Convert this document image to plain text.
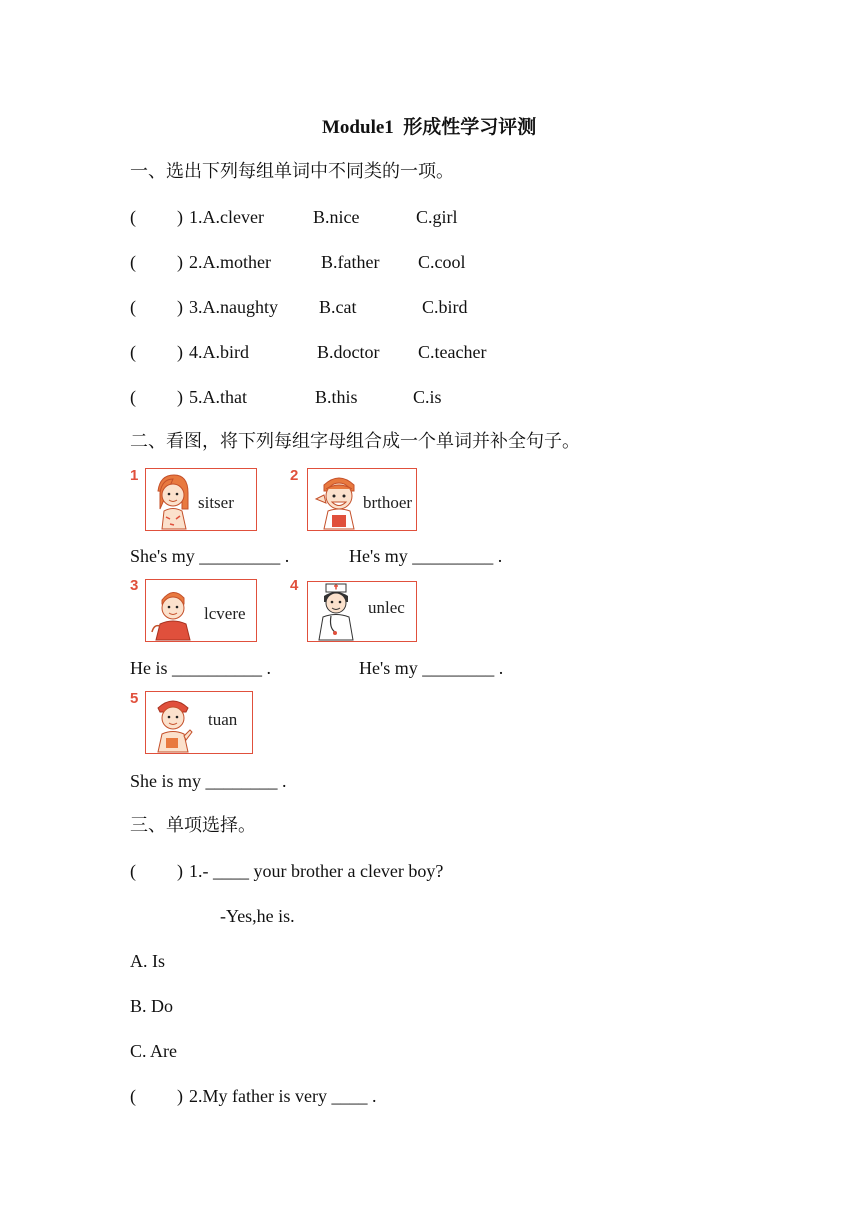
Module1  形成性学习评测
一、选出下列每组单词中不同类的一项。
( ) 1.A.clever	B.nice	C.girl
( ) 2.A.mother	B.father C.cool
( ) 3.A.naughty B.cat	C.bird
( ) 4.A.bird	B.doctor C.teacher
( ) 5.A.that	B.this	C.is
二、看图，将下列每组字母组合成一个单词并补全句子。
1
sitser
2
brthoer
She's my _________ .	He's my _________ .
3
lcvere
4
unlec
He is __________ .	He's my ________ .
5
tuan
She is my ________ .
三、单项选择。
( ) 1.- ____ your brother a clever boy?
-Yes,he is.
A. Is
B. Do
C. Are
( ) 2.My father is very ____ .
